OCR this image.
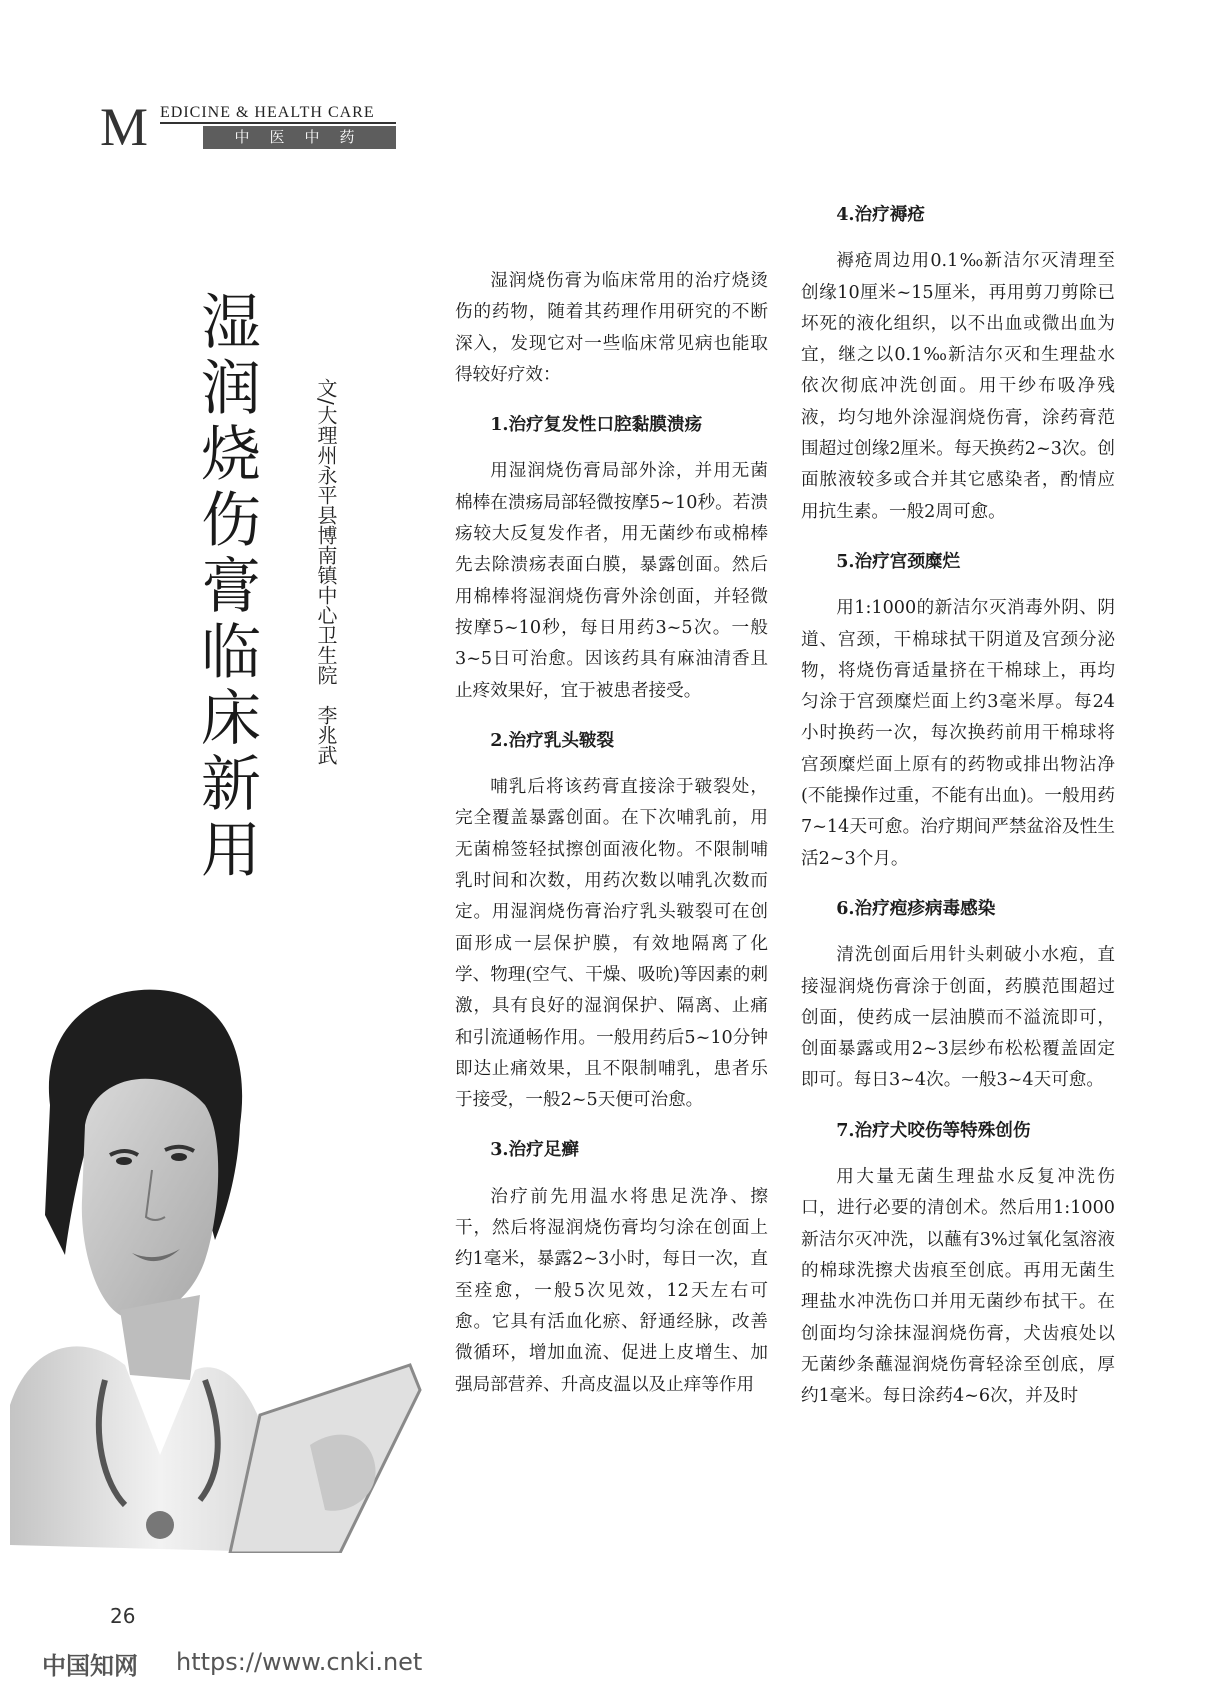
M EDICINE & HEALTH CARE
中医中药
湿润烧伤膏临床新用	文/大理州永平县博南镇中心卫生院　李兆武

湿润烧伤膏为临床常用的治疗烧烫伤的药物，随着其药理作用研究的不断深入，发现它对一些临床常见病也能取得较好疗效：

1.治疗复发性口腔黏膜溃疡

用湿润烧伤膏局部外涂，并用无菌棉棒在溃疡局部轻微按摩5~10秒。若溃疡较大反复发作者，用无菌纱布或棉棒先去除溃疡表面白膜，暴露创面。然后用棉棒将湿润烧伤膏外涂创面，并轻微按摩5~10秒，每日用药3~5次。一般3~5日可治愈。因该药具有麻油清香且止疼效果好，宜于被患者接受。

2.治疗乳头皲裂

哺乳后将该药膏直接涂于皲裂处，完全覆盖暴露创面。在下次哺乳前，用无菌棉签轻拭擦创面液化物。不限制哺乳时间和次数，用药次数以哺乳次数而定。用湿润烧伤膏治疗乳头皲裂可在创面形成一层保护膜，有效地隔离了化学、物理(空气、干燥、吸吮)等因素的刺激，具有良好的湿润保护、隔离、止痛和引流通畅作用。一般用药后5~10分钟即达止痛效果，且不限制哺乳，患者乐于接受，一般2~5天便可治愈。

3.治疗足癣

治疗前先用温水将患足洗净、擦干，然后将湿润烧伤膏均匀涂在创面上约1毫米，暴露2~3小时，每日一次，直至痊愈，一般5次见效，12天左右可愈。它具有活血化瘀、舒通经脉，改善微循环，增加血流、促进上皮增生、加强局部营养、升高皮温以及止痒等作用

4.治疗褥疮

褥疮周边用0.1‰新洁尔灭清理至创缘10厘米~15厘米，再用剪刀剪除已坏死的液化组织，以不出血或微出血为宜，继之以0.1‰新洁尔灭和生理盐水依次彻底冲洗创面。用干纱布吸净残液，均匀地外涂湿润烧伤膏，涂药膏范围超过创缘2厘米。每天换药2~3次。创面脓液较多或合并其它感染者，酌情应用抗生素。一般2周可愈。

5.治疗宫颈糜烂

用1:1000的新洁尔灭消毒外阴、阴道、宫颈，干棉球拭干阴道及宫颈分泌物，将烧伤膏适量挤在干棉球上，再均匀涂于宫颈糜烂面上约3毫米厚。每24小时换药一次，每次换药前用干棉球将宫颈糜烂面上原有的药物或排出物沾净(不能操作过重，不能有出血)。一般用药7~14天可愈。治疗期间严禁盆浴及性生活2~3个月。

6.治疗疱疹病毒感染

清洗创面后用针头刺破小水疱，直接湿润烧伤膏涂于创面，药膜范围超过创面，使药成一层油膜而不溢流即可，创面暴露或用2~3层纱布松松覆盖固定即可。每日3~4次。一般3~4天可愈。

7.治疗犬咬伤等特殊创伤

用大量无菌生理盐水反复冲洗伤口，进行必要的清创术。然后用1:1000新洁尔灭冲洗，以蘸有3%过氧化氢溶液的棉球洗擦犬齿痕至创底。再用无菌生理盐水冲洗伤口并用无菌纱布拭干。在创面均匀涂抹湿润烧伤膏，犬齿痕处以无菌纱条蘸湿润烧伤膏轻涂至创底，厚约1毫米。每日涂药4~6次，并及时

26
中国知网 https://www.cnki.net
